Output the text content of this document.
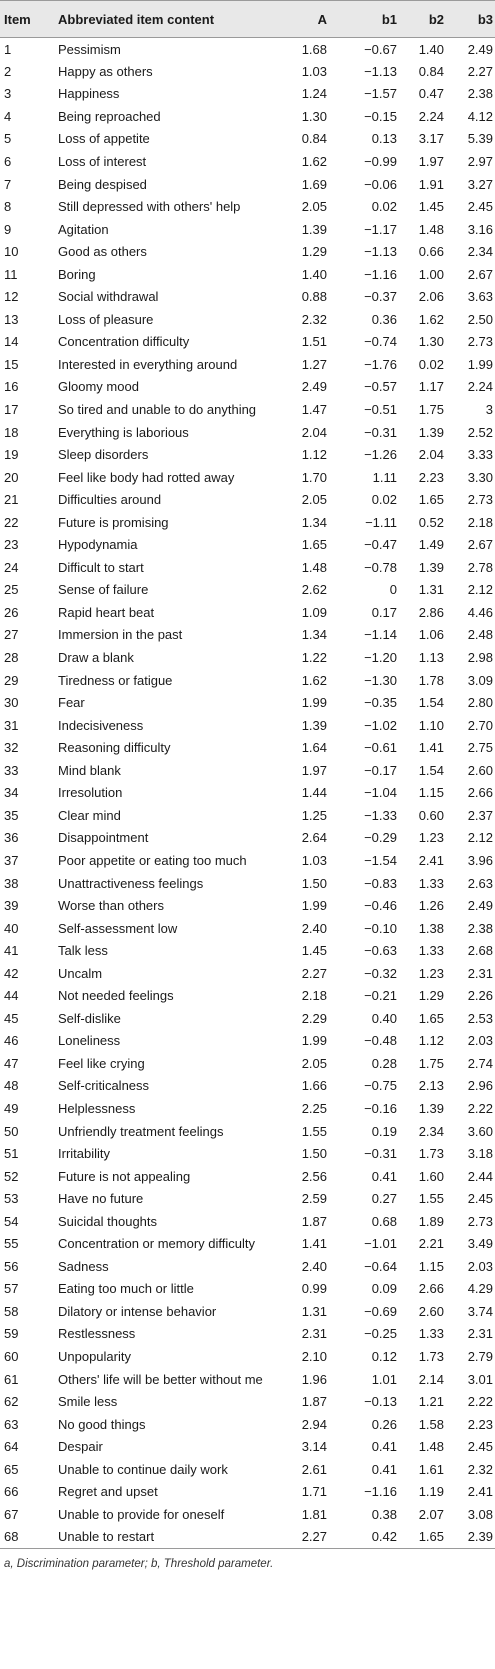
Item	Abbreviated item content	A	b1	b2	b3
1	Pessimism	1.68	−0.67	1.40	2.49
2	Happy as others	1.03	−1.13	0.84	2.27
3	Happiness	1.24	−1.57	0.47	2.38
4	Being reproached	1.30	−0.15	2.24	4.12
5	Loss of appetite	0.84	0.13	3.17	5.39
6	Loss of interest	1.62	−0.99	1.97	2.97
7	Being despised	1.69	−0.06	1.91	3.27
8	Still depressed with others' help	2.05	0.02	1.45	2.45
9	Agitation	1.39	−1.17	1.48	3.16
10	Good as others	1.29	−1.13	0.66	2.34
11	Boring	1.40	−1.16	1.00	2.67
12	Social withdrawal	0.88	−0.37	2.06	3.63
13	Loss of pleasure	2.32	0.36	1.62	2.50
14	Concentration difficulty	1.51	−0.74	1.30	2.73
15	Interested in everything around	1.27	−1.76	0.02	1.99
16	Gloomy mood	2.49	−0.57	1.17	2.24
17	So tired and unable to do anything	1.47	−0.51	1.75	3
18	Everything is laborious	2.04	−0.31	1.39	2.52
19	Sleep disorders	1.12	−1.26	2.04	3.33
20	Feel like body had rotted away	1.70	1.11	2.23	3.30
21	Difficulties around	2.05	0.02	1.65	2.73
22	Future is promising	1.34	−1.11	0.52	2.18
23	Hypodynamia	1.65	−0.47	1.49	2.67
24	Difficult to start	1.48	−0.78	1.39	2.78
25	Sense of failure	2.62	0	1.31	2.12
26	Rapid heart beat	1.09	0.17	2.86	4.46
27	Immersion in the past	1.34	−1.14	1.06	2.48
28	Draw a blank	1.22	−1.20	1.13	2.98
29	Tiredness or fatigue	1.62	−1.30	1.78	3.09
30	Fear	1.99	−0.35	1.54	2.80
31	Indecisiveness	1.39	−1.02	1.10	2.70
32	Reasoning difficulty	1.64	−0.61	1.41	2.75
33	Mind blank	1.97	−0.17	1.54	2.60
34	Irresolution	1.44	−1.04	1.15	2.66
35	Clear mind	1.25	−1.33	0.60	2.37
36	Disappointment	2.64	−0.29	1.23	2.12
37	Poor appetite or eating too much	1.03	−1.54	2.41	3.96
38	Unattractiveness feelings	1.50	−0.83	1.33	2.63
39	Worse than others	1.99	−0.46	1.26	2.49
40	Self-assessment low	2.40	−0.10	1.38	2.38
41	Talk less	1.45	−0.63	1.33	2.68
42	Uncalm	2.27	−0.32	1.23	2.31
44	Not needed feelings	2.18	−0.21	1.29	2.26
45	Self-dislike	2.29	0.40	1.65	2.53
46	Loneliness	1.99	−0.48	1.12	2.03
47	Feel like crying	2.05	0.28	1.75	2.74
48	Self-criticalness	1.66	−0.75	2.13	2.96
49	Helplessness	2.25	−0.16	1.39	2.22
50	Unfriendly treatment feelings	1.55	0.19	2.34	3.60
51	Irritability	1.50	−0.31	1.73	3.18
52	Future is not appealing	2.56	0.41	1.60	2.44
53	Have no future	2.59	0.27	1.55	2.45
54	Suicidal thoughts	1.87	0.68	1.89	2.73
55	Concentration or memory difficulty	1.41	−1.01	2.21	3.49
56	Sadness	2.40	−0.64	1.15	2.03
57	Eating too much or little	0.99	0.09	2.66	4.29
58	Dilatory or intense behavior	1.31	−0.69	2.60	3.74
59	Restlessness	2.31	−0.25	1.33	2.31
60	Unpopularity	2.10	0.12	1.73	2.79
61	Others' life will be better without me	1.96	1.01	2.14	3.01
62	Smile less	1.87	−0.13	1.21	2.22
63	No good things	2.94	0.26	1.58	2.23
64	Despair	3.14	0.41	1.48	2.45
65	Unable to continue daily work	2.61	0.41	1.61	2.32
66	Regret and upset	1.71	−1.16	1.19	2.41
67	Unable to provide for oneself	1.81	0.38	2.07	3.08
68	Unable to restart	2.27	0.42	1.65	2.39
a, Discrimination parameter; b, Threshold parameter.
